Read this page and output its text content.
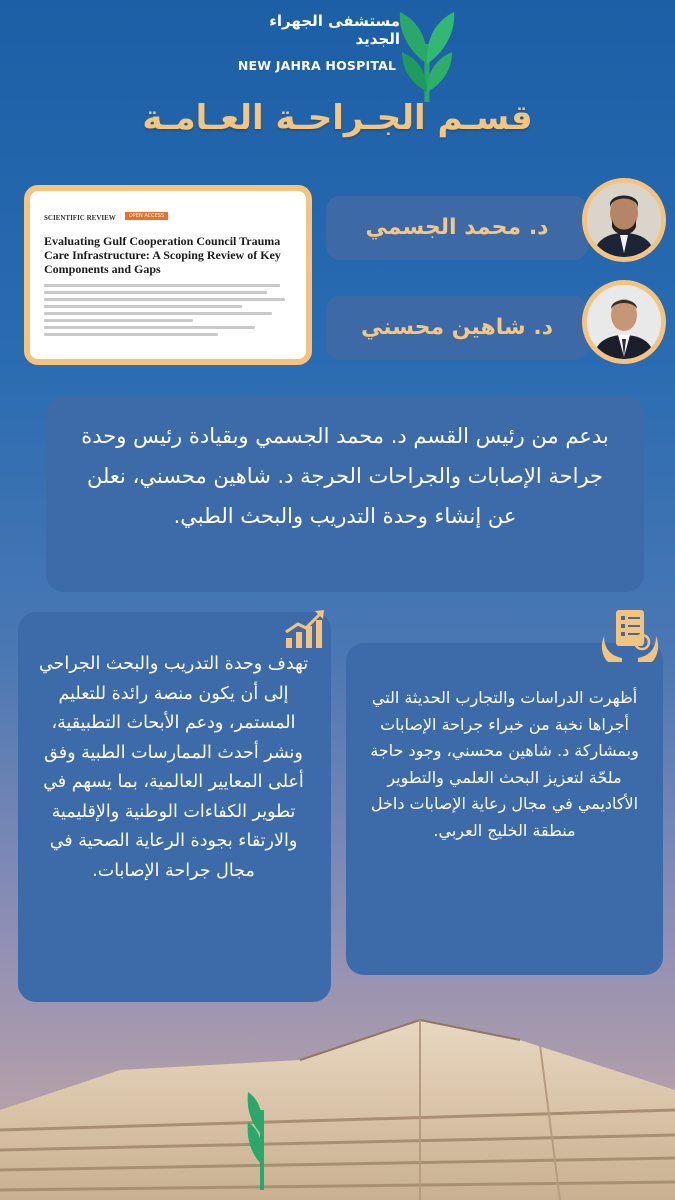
مستشفى الجهراء الجديد
NEW JAHRA HOSPITAL
قسـم الجـراحـة العـامـة
SCIENTIFIC REVIEW	OPEN ACCESS
Evaluating Gulf Cooperation Council Trauma Care Infrastructure: A Scoping Review of Key Components and Gaps
د. محمد الجسمي
د. شاهين محسني
بدعم من رئيس القسم د. محمد الجسمي وبقيادة رئيس وحدة جراحة الإصابات والجراحات الحرجة د. شاهين محسني، نعلن عن إنشاء وحدة التدريب والبحث الطبي.
تهدف وحدة التدريب والبحث الجراحي إلى أن يكون منصة رائدة للتعليم المستمر، ودعم الأبحاث التطبيقية، ونشر أحدث الممارسات الطبية وفق أعلى المعايير العالمية، بما يسهم في تطوير الكفاءات الوطنية والإقليمية والارتقاء بجودة الرعاية الصحية في مجال جراحة الإصابات.
أظهرت الدراسات والتجارب الحديثة التي أجراها نخبة من خبراء جراحة الإصابات وبمشاركة د. شاهين محسني، وجود حاجة ملحّة لتعزيز البحث العلمي والتطوير الأكاديمي في مجال رعاية الإصابات داخل منطقة الخليج العربي.
